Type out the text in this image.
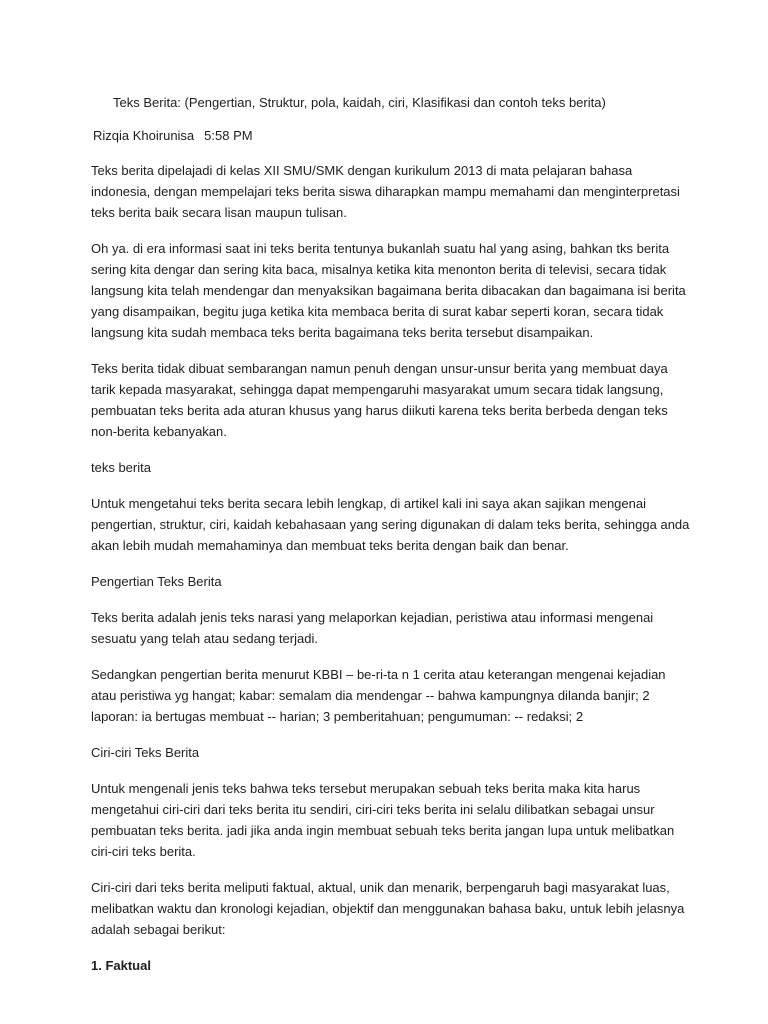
Teks Berita: (Pengertian, Struktur, pola, kaidah, ciri, Klasifikasi dan contoh teks berita)
Rizqia Khoirunisa 5:58 PM

Teks berita dipelajadi di kelas XII SMU/SMK dengan kurikulum 2013 di mata pelajaran bahasa indonesia, dengan mempelajari teks berita siswa diharapkan mampu memahami dan menginterpretasi teks berita baik secara lisan maupun tulisan.

Oh ya. di era informasi saat ini teks berita tentunya bukanlah suatu hal yang asing, bahkan tks berita sering kita dengar dan sering kita baca, misalnya ketika kita menonton berita di televisi, secara tidak langsung kita telah mendengar dan menyaksikan bagaimana berita dibacakan dan bagaimana isi berita yang disampaikan, begitu juga ketika kita membaca berita di surat kabar seperti koran, secara tidak langsung kita sudah membaca teks berita bagaimana teks berita tersebut disampaikan.

Teks berita tidak dibuat sembarangan namun penuh dengan unsur-unsur berita yang membuat daya tarik kepada masyarakat, sehingga dapat mempengaruhi masyarakat umum secara tidak langsung, pembuatan teks berita ada aturan khusus yang harus diikuti karena teks berita berbeda dengan teks non-berita kebanyakan.

teks berita

Untuk mengetahui teks berita secara lebih lengkap, di artikel kali ini saya akan sajikan mengenai pengertian, struktur, ciri, kaidah kebahasaan yang sering digunakan di dalam teks berita, sehingga anda akan lebih mudah memahaminya dan membuat teks berita dengan baik dan benar.

Pengertian Teks Berita

Teks berita adalah jenis teks narasi yang melaporkan kejadian, peristiwa atau informasi mengenai sesuatu yang telah atau sedang terjadi.

Sedangkan pengertian berita menurut KBBI – be-ri-ta n 1 cerita atau keterangan mengenai kejadian atau peristiwa yg hangat; kabar: semalam dia mendengar -- bahwa kampungnya dilanda banjir; 2 laporan: ia bertugas membuat -- harian; 3 pemberitahuan; pengumuman: -- redaksi; 2

Ciri-ciri Teks Berita

Untuk mengenali jenis teks bahwa teks tersebut merupakan sebuah teks berita maka kita harus mengetahui ciri-ciri dari teks berita itu sendiri, ciri-ciri teks berita ini selalu dilibatkan sebagai unsur pembuatan teks berita. jadi jika anda ingin membuat sebuah teks berita jangan lupa untuk melibatkan ciri-ciri teks berita.

Ciri-ciri dari teks berita meliputi faktual, aktual, unik dan menarik, berpengaruh bagi masyarakat luas, melibatkan waktu dan kronologi kejadian, objektif dan menggunakan bahasa baku, untuk lebih jelasnya adalah sebagai berikut:

1. Faktual
